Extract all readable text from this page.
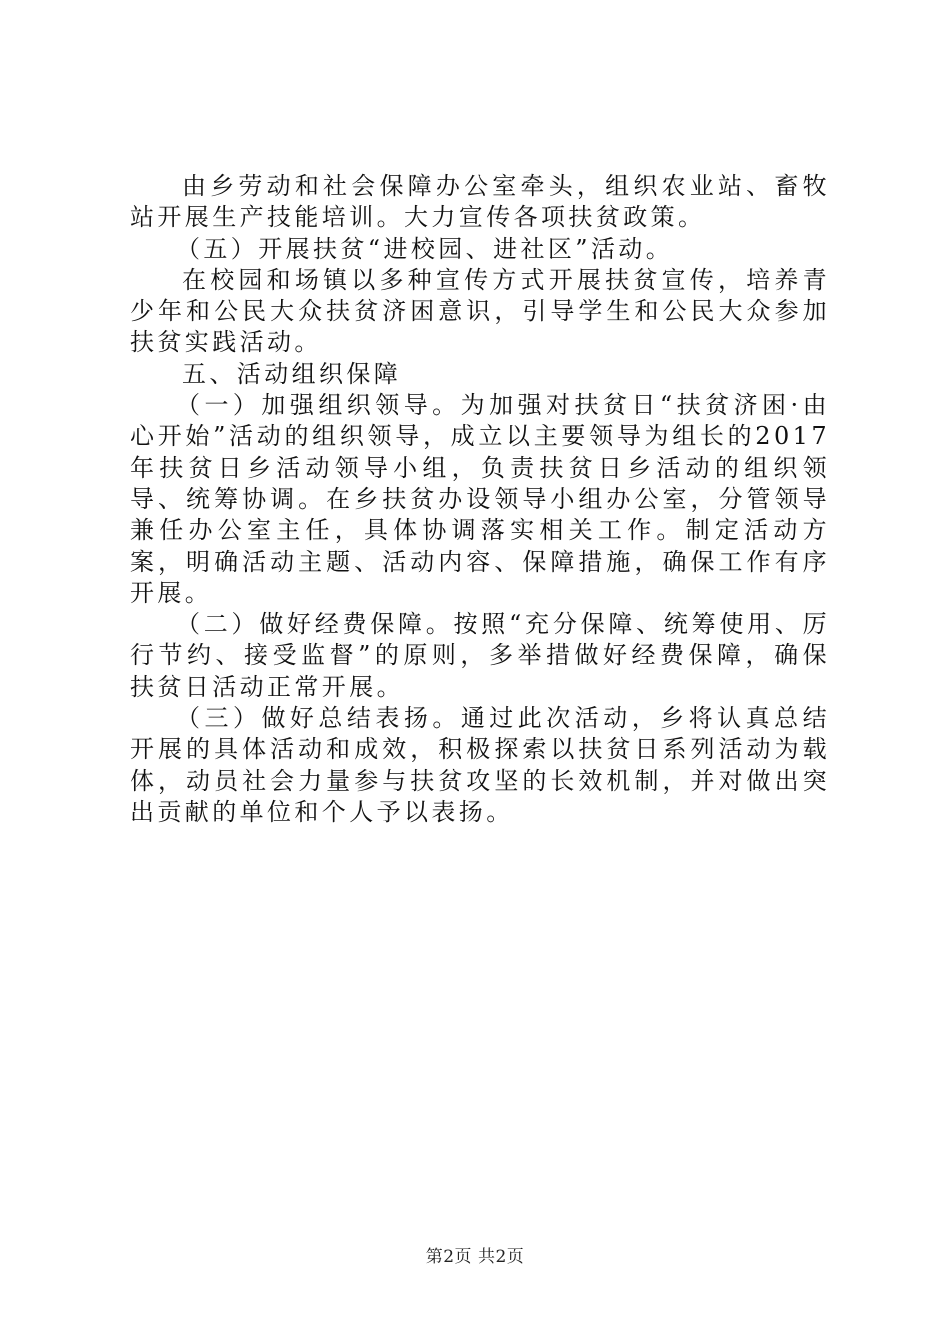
由乡劳动和社会保障办公室牵头，组织农业站、畜牧站开展生产技能培训。大力宣传各项扶贫政策。

（五）开展扶贫“进校园、进社区”活动。

在校园和场镇以多种宣传方式开展扶贫宣传，培养青少年和公民大众扶贫济困意识，引导学生和公民大众参加扶贫实践活动。

五、活动组织保障

（一）加强组织领导。为加强对扶贫日“扶贫济困·由心开始”活动的组织领导，成立以主要领导为组长的2017年扶贫日乡活动领导小组，负责扶贫日乡活动的组织领导、统筹协调。在乡扶贫办设领导小组办公室，分管领导兼任办公室主任，具体协调落实相关工作。制定活动方案，明确活动主题、活动内容、保障措施，确保工作有序开展。

（二）做好经费保障。按照“充分保障、统筹使用、厉行节约、接受监督”的原则，多举措做好经费保障，确保扶贫日活动正常开展。

（三）做好总结表扬。通过此次活动，乡将认真总结开展的具体活动和成效，积极探索以扶贫日系列活动为载体，动员社会力量参与扶贫攻坚的长效机制，并对做出突出贡献的单位和个人予以表扬。

第2页 共2页
